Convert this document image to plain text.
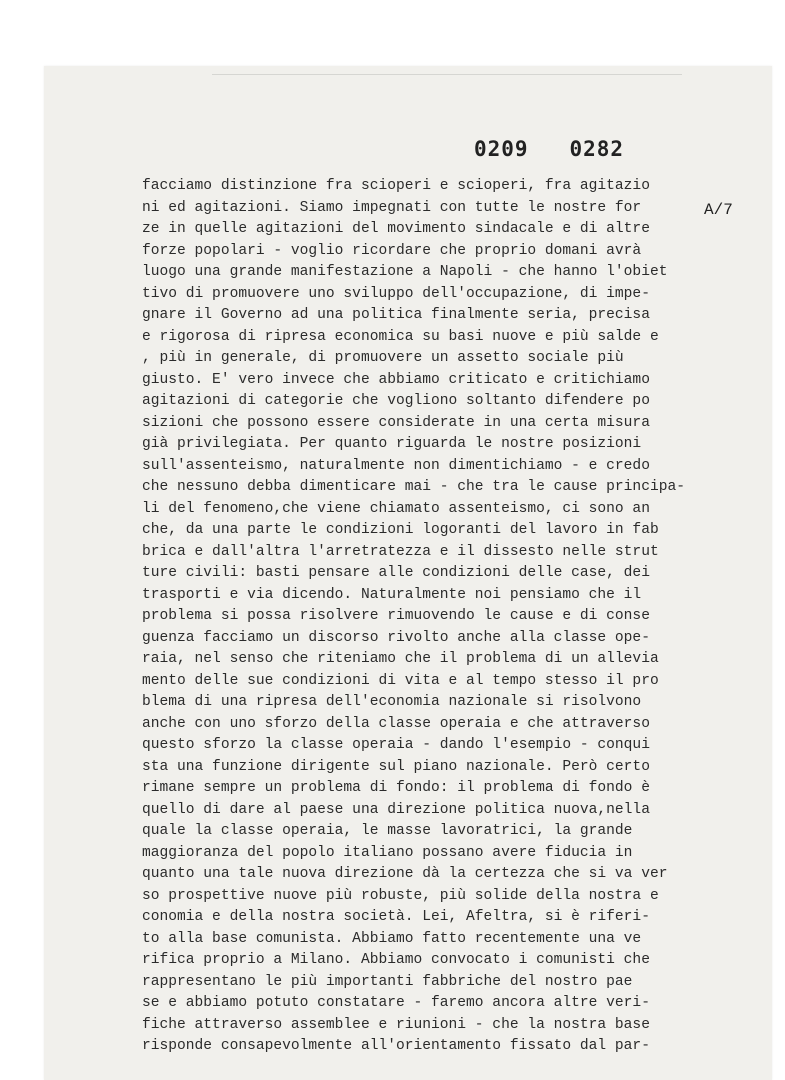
0209   0282
A/7
facciamo distinzione fra scioperi e scioperi, fra agitazio
ni ed agitazioni. Siamo impegnati con tutte le nostre for
ze in quelle agitazioni del movimento sindacale e di altre
forze popolari - voglio ricordare che proprio domani avrà
luogo una grande manifestazione a Napoli - che hanno l'obiet
tivo di promuovere uno sviluppo dell'occupazione, di impe-
gnare il Governo ad una politica finalmente seria, precisa
e rigorosa di ripresa economica su basi nuove e più salde e
, più in generale, di promuovere un assetto sociale più
giusto. E' vero invece che abbiamo criticato e critichiamo
agitazioni di categorie che vogliono soltanto difendere po
sizioni che possono essere considerate in una certa misura
già privilegiata. Per quanto riguarda le nostre posizioni
sull'assenteismo, naturalmente non dimentichiamo - e credo
che nessuno debba dimenticare mai - che tra le cause principa-
li del fenomeno,che viene chiamato assenteismo, ci sono an
che, da una parte le condizioni logoranti del lavoro in fab
brica e dall'altra l'arretratezza e il dissesto nelle strut
ture civili: basti pensare alle condizioni delle case, dei
trasporti e via dicendo. Naturalmente noi pensiamo che il
problema si possa risolvere rimuovendo le cause e di conse
guenza facciamo un discorso rivolto anche alla classe ope-
raia, nel senso che riteniamo che il problema di un allevia
mento delle sue condizioni di vita e al tempo stesso il pro
blema di una ripresa dell'economia nazionale si risolvono
anche con uno sforzo della classe operaia e che attraverso
questo sforzo la classe operaia - dando l'esempio - conqui
sta una funzione dirigente sul piano nazionale. Però certo
rimane sempre un problema di fondo: il problema di fondo è
quello di dare al paese una direzione politica nuova,nella
quale la classe operaia, le masse lavoratrici, la grande
maggioranza del popolo italiano possano avere fiducia in
quanto una tale nuova direzione dà la certezza che si va ver
so prospettive nuove più robuste, più solide della nostra e
conomia e della nostra società. Lei, Afeltra, si è riferi-
to alla base comunista. Abbiamo fatto recentemente una ve
rifica proprio a Milano. Abbiamo convocato i comunisti che
rappresentano le più importanti fabbriche del nostro pae
se e abbiamo potuto constatare - faremo ancora altre veri-
fiche attraverso assemblee e riunioni - che la nostra base
risponde consapevolmente all'orientamento fissato dal par-
